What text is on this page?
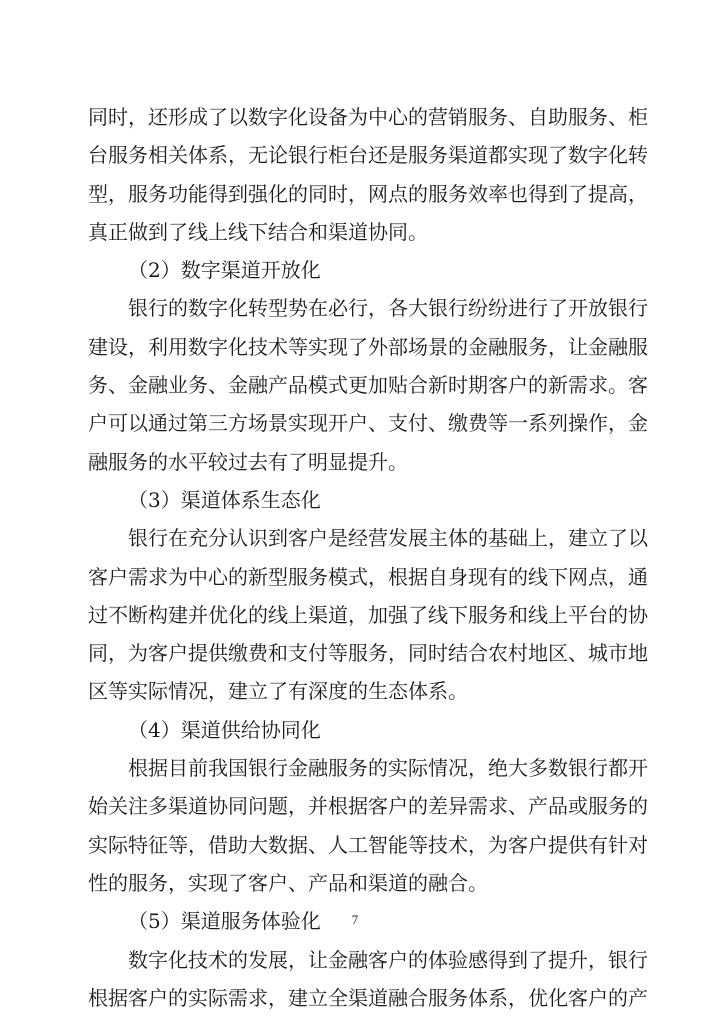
同时，还形成了以数字化设备为中心的营销服务、自助服务、柜
台服务相关体系，无论银行柜台还是服务渠道都实现了数字化转
型，服务功能得到强化的同时，网点的服务效率也得到了提高，
真正做到了线上线下结合和渠道协同。
（2）数字渠道开放化
银行的数字化转型势在必行，各大银行纷纷进行了开放银行
建设，利用数字化技术等实现了外部场景的金融服务，让金融服
务、金融业务、金融产品模式更加贴合新时期客户的新需求。客
户可以通过第三方场景实现开户、支付、缴费等一系列操作，金
融服务的水平较过去有了明显提升。
（3）渠道体系生态化
银行在充分认识到客户是经营发展主体的基础上，建立了以
客户需求为中心的新型服务模式，根据自身现有的线下网点，通
过不断构建并优化的线上渠道，加强了线下服务和线上平台的协
同，为客户提供缴费和支付等服务，同时结合农村地区、城市地
区等实际情况，建立了有深度的生态体系。
（4）渠道供给协同化
根据目前我国银行金融服务的实际情况，绝大多数银行都开
始关注多渠道协同问题，并根据客户的差异需求、产品或服务的
实际特征等，借助大数据、人工智能等技术，为客户提供有针对
性的服务，实现了客户、产品和渠道的融合。
（5）渠道服务体验化
数字化技术的发展，让金融客户的体验感得到了提升，银行
根据客户的实际需求，建立全渠道融合服务体系，优化客户的产
7
